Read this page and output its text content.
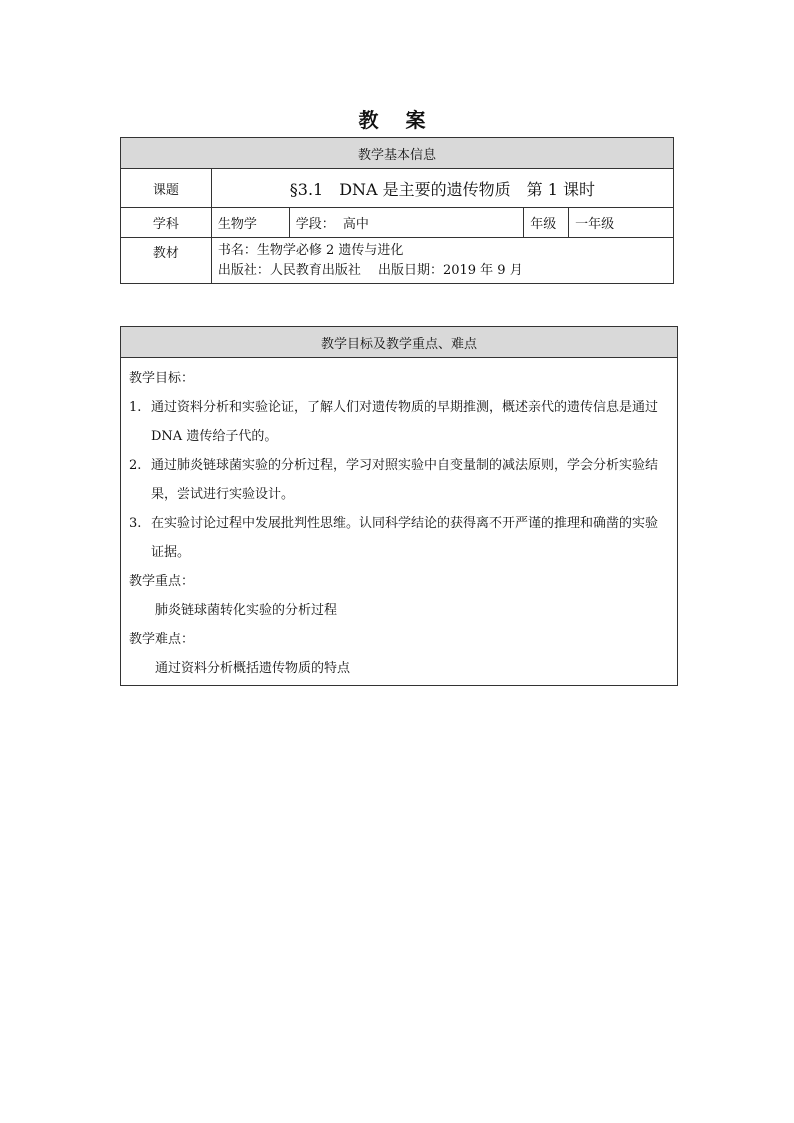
教 案
教学基本信息				
课题	§3.1　DNA 是主要的遗传物质　第 1 课时			
学科	生物学	学段： 高中	年级	一年级
教材	书名：生物学必修 2 遗传与进化
出版社：人民教育出版社　 出版日期：2019 年 9 月			
教学目标及教学重点、难点

教学目标：
1. 通过资料分析和实验论证，了解人们对遗传物质的早期推测，概述亲代的遗传信息是通过 DNA 遗传给子代的。
2. 通过肺炎链球菌实验的分析过程，学习对照实验中自变量制的减法原则，学会分析实验结果，尝试进行实验设计。
3. 在实验讨论过程中发展批判性思维。认同科学结论的获得离不开严谨的推理和确凿的实验证据。
教学重点：
肺炎链球菌转化实验的分析过程
教学难点：
通过资料分析概括遗传物质的特点
